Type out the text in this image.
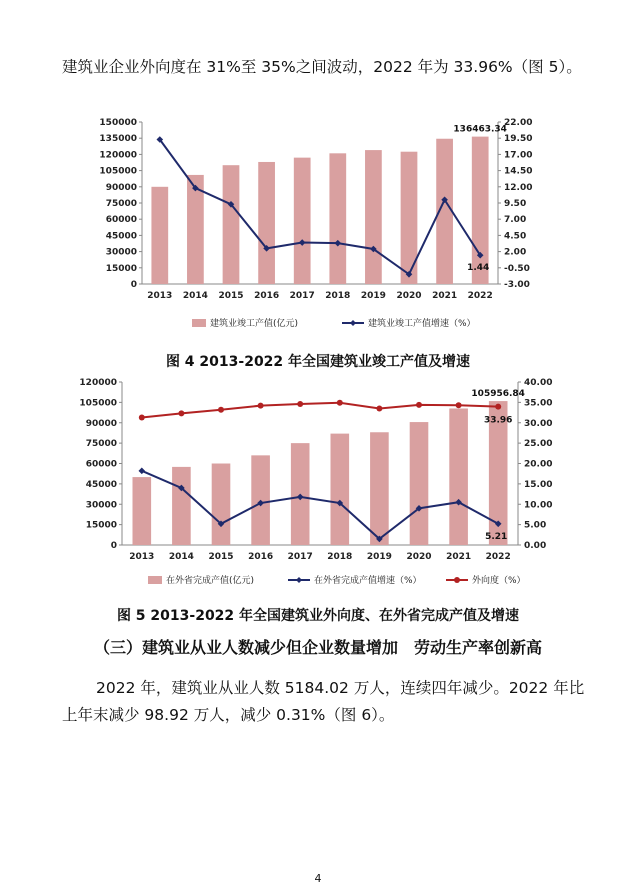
建筑业企业外向度在 31%至 35%之间波动，2022 年为 33.96%（图 5）。
0
15000
30000
45000
60000
75000
90000
105000
120000
135000
150000
-3.00
-0.50
2.00
4.50
7.00
9.50
12.00
14.50
17.00
19.50
22.00
2013 2014 2015 2016 2017 2018 2019 2020 2021 2022
136463.34
1.44
建筑业竣工产值(亿元)	建筑业竣工产值增速（%）
图 4 2013-2022 年全国建筑业竣工产值及增速
0
15000
30000
45000
60000
75000
90000
105000
120000
0.00
5.00
10.00
15.00
20.00
25.00
30.00
35.00
40.00
2013 2014 2015 2016 2017 2018 2019 2020 2021 2022
105956.84
5.21
33.96
在外省完成产值(亿元)	在外省完成产值增速（%）	外向度（%）
图 5 2013-2022 年全国建筑业外向度、在外省完成产值及增速
（三）建筑业从业人数减少但企业数量增加　劳动生产率创新高
2022 年，建筑业从业人数 5184.02 万人，连续四年减少。2022 年比
上年末减少 98.92 万人，减少 0.31%（图 6）。
4
